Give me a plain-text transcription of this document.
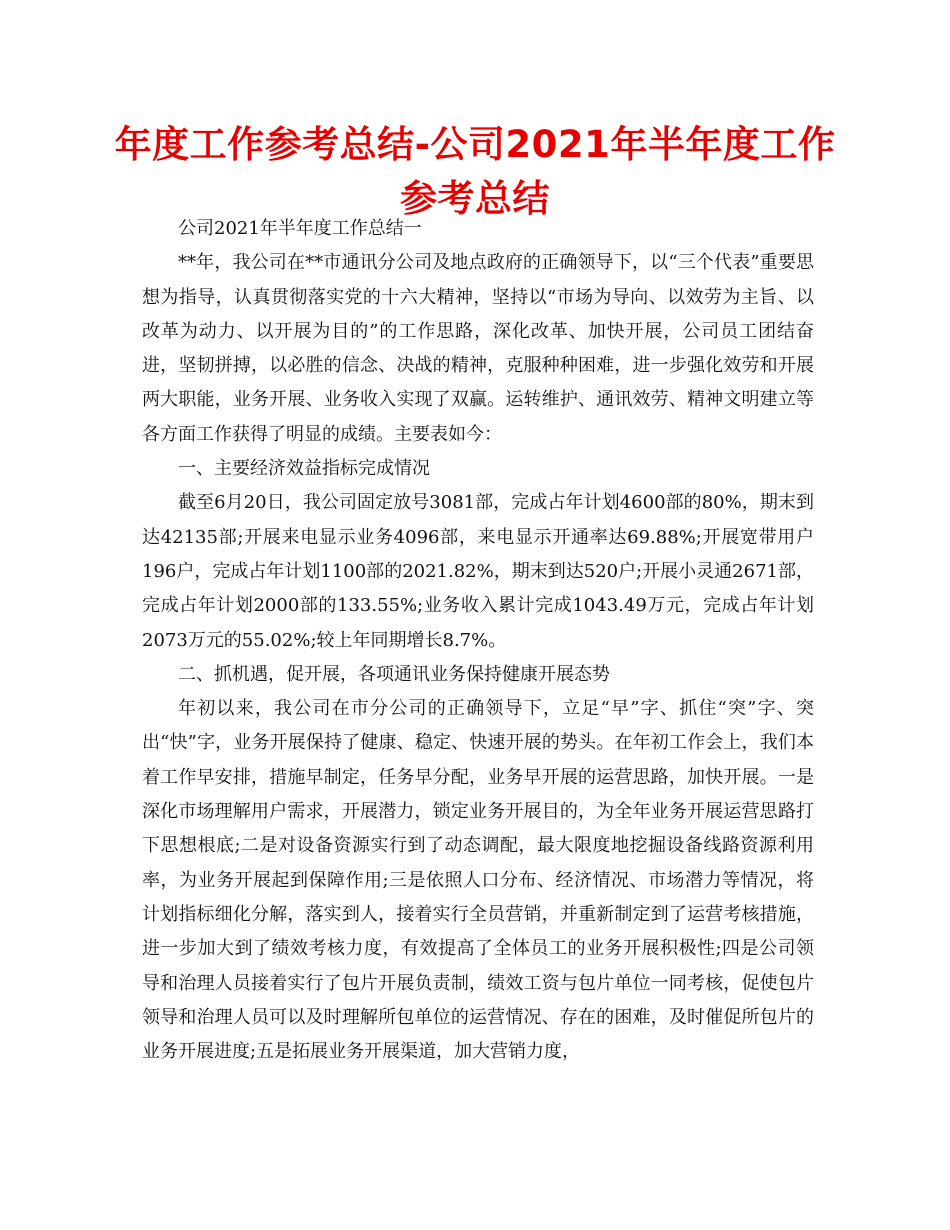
年度工作参考总结-公司2021年半年度工作参考总结

公司2021年半年度工作总结一

**年，我公司在**市通讯分公司及地点政府的正确领导下，以“三个代表”重要思想为指导，认真贯彻落实党的十六大精神，坚持以“市场为导向、以效劳为主旨、以改革为动力、以开展为目的”的工作思路，深化改革、加快开展，公司员工团结奋进，坚韧拼搏，以必胜的信念、决战的精神，克服种种困难，进一步强化效劳和开展两大职能，业务开展、业务收入实现了双赢。运转维护、通讯效劳、精神文明建立等各方面工作获得了明显的成绩。主要表如今：

一、主要经济效益指标完成情况

截至6月20日，我公司固定放号3081部，完成占年计划4600部的80%，期末到达42135部;开展来电显示业务4096部，来电显示开通率达69.88%;开展宽带用户196户，完成占年计划1100部的2021.82%，期末到达520户;开展小灵通2671部，完成占年计划2000部的133.55%;业务收入累计完成1043.49万元，完成占年计划2073万元的55.02%;较上年同期增长8.7%。

二、抓机遇，促开展，各项通讯业务保持健康开展态势

年初以来，我公司在市分公司的正确领导下，立足“早”字、抓住“突”字、突出“快”字，业务开展保持了健康、稳定、快速开展的势头。在年初工作会上，我们本着工作早安排，措施早制定，任务早分配，业务早开展的运营思路，加快开展。一是深化市场理解用户需求，开展潜力，锁定业务开展目的，为全年业务开展运营思路打下思想根底;二是对设备资源实行到了动态调配，最大限度地挖掘设备线路资源利用率，为业务开展起到保障作用;三是依照人口分布、经济情况、市场潜力等情况，将计划指标细化分解，落实到人，接着实行全员营销，并重新制定到了运营考核措施，进一步加大到了绩效考核力度，有效提高了全体员工的业务开展积极性;四是公司领导和治理人员接着实行了包片开展负责制，绩效工资与包片单位一同考核，促使包片领导和治理人员可以及时理解所包单位的运营情况、存在的困难，及时催促所包片的业务开展进度;五是拓展业务开展渠道，加大营销力度，
